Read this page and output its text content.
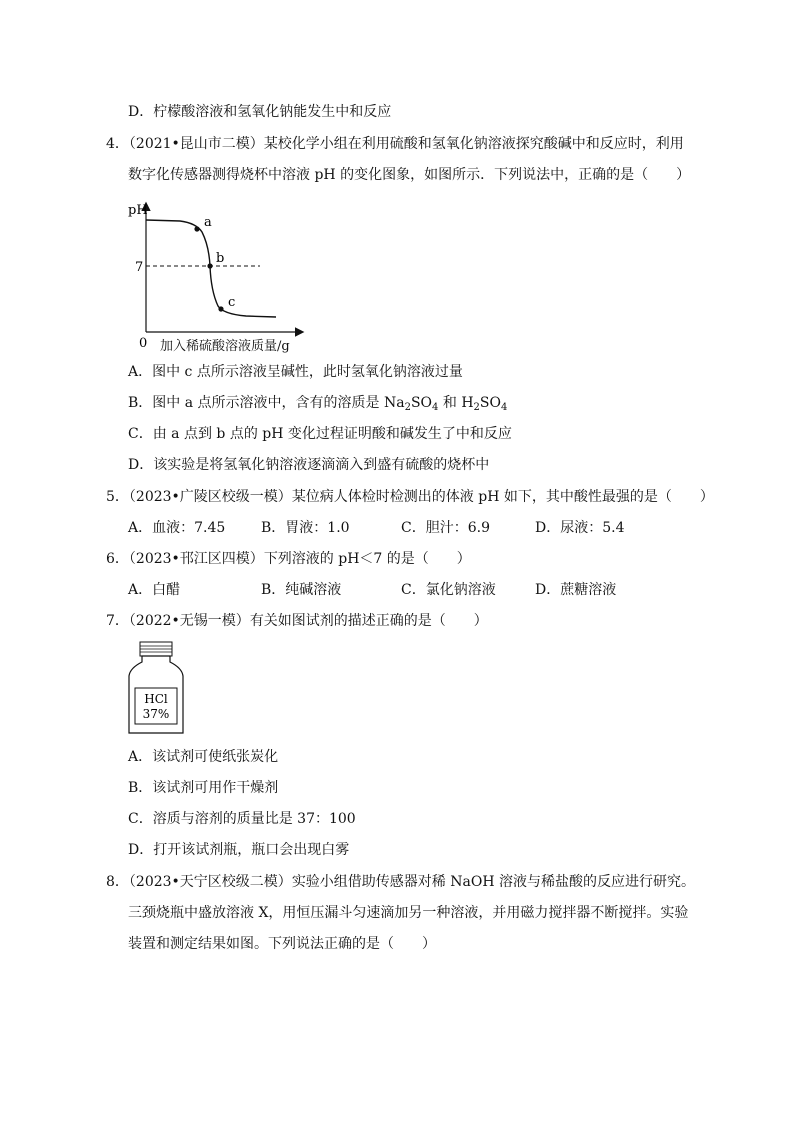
D．柠檬酸溶液和氢氧化钠能发生中和反应
4．（2021•昆山市二模）某校化学小组在利用硫酸和氢氧化钠溶液探究酸碱中和反应时，利用
数字化传感器测得烧杯中溶液 pH 的变化图象，如图所示．下列说法中，正确的是（　　）
pH
7
0
a
b
c
加入稀硫酸溶液质量/g
A．图中 c 点所示溶液呈碱性，此时氢氧化钠溶液过量
B．图中 a 点所示溶液中，含有的溶质是 $Na_2SO_4$ 和 $H_2SO_4$
C．由 a 点到 b 点的 pH 变化过程证明酸和碱发生了中和反应
D．该实验是将氢氧化钠溶液逐滴滴入到盛有硫酸的烧杯中
5．（2023•广陵区校级一模）某位病人体检时检测出的体液 pH 如下，其中酸性最强的是（　　）
A．血液：7.45	B．胃液：1.0	C．胆汁：6.9	D．尿液：5.4
6．（2023•邗江区四模）下列溶液的 pH＜7 的是（　　）
A．白醋	B．纯碱溶液	C．氯化钠溶液	D．蔗糖溶液
7．（2022•无锡一模）有关如图试剂的描述正确的是（　　）
HCl
37%
A．该试剂可使纸张炭化
B．该试剂可用作干燥剂
C．溶质与溶剂的质量比是 37：100
D．打开该试剂瓶，瓶口会出现白雾
8．（2023•天宁区校级二模）实验小组借助传感器对稀 NaOH 溶液与稀盐酸的反应进行研究。
三颈烧瓶中盛放溶液 X，用恒压漏斗匀速滴加另一种溶液，并用磁力搅拌器不断搅拌。实验
装置和测定结果如图。下列说法正确的是（　　）
